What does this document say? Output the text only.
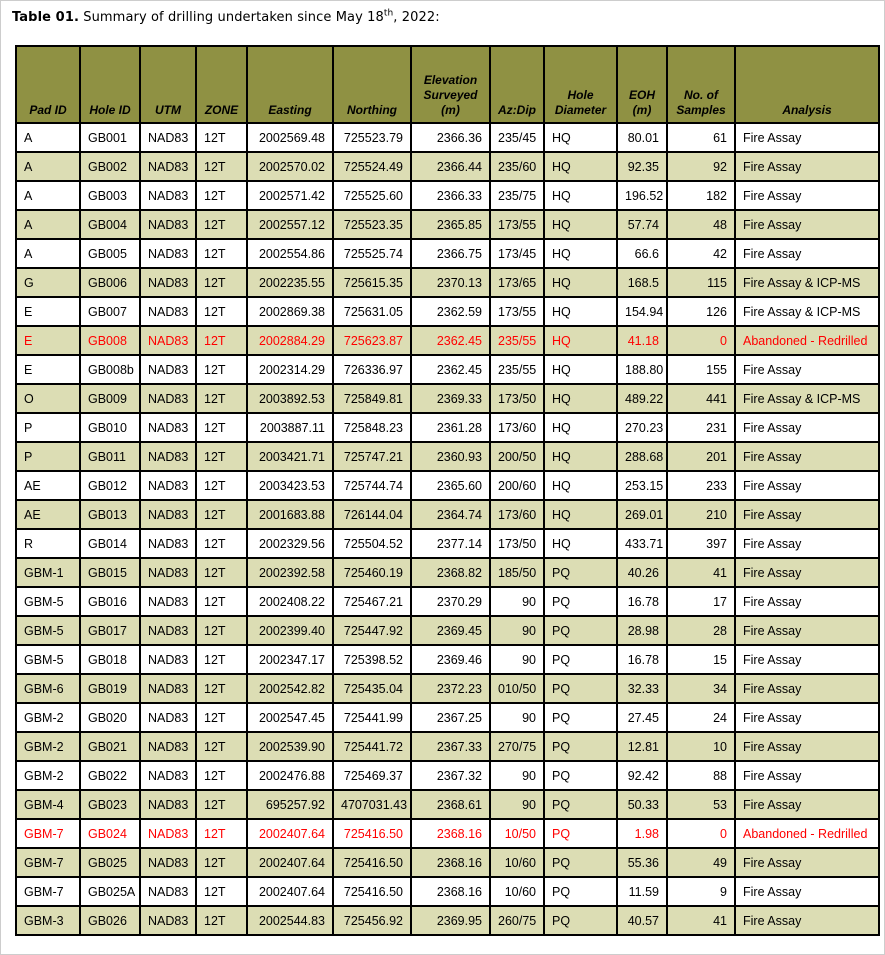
Table 01. Summary of drilling undertaken since May 18th, 2022:
Pad ID	Hole ID	UTM	ZONE	Easting	Northing	Elevation Surveyed (m)	Az:Dip	Hole Diameter	EOH (m)	No. of Samples	Analysis
A	GB001	NAD83	12T	2002569.48	725523.79	2366.36	235/45	HQ	80.01	61	Fire Assay
A	GB002	NAD83	12T	2002570.02	725524.49	2366.44	235/60	HQ	92.35	92	Fire Assay
A	GB003	NAD83	12T	2002571.42	725525.60	2366.33	235/75	HQ	196.52	182	Fire Assay
A	GB004	NAD83	12T	2002557.12	725523.35	2365.85	173/55	HQ	57.74	48	Fire Assay
A	GB005	NAD83	12T	2002554.86	725525.74	2366.75	173/45	HQ	66.6	42	Fire Assay
G	GB006	NAD83	12T	2002235.55	725615.35	2370.13	173/65	HQ	168.5	115	Fire Assay & ICP-MS
E	GB007	NAD83	12T	2002869.38	725631.05	2362.59	173/55	HQ	154.94	126	Fire Assay & ICP-MS
E	GB008	NAD83	12T	2002884.29	725623.87	2362.45	235/55	HQ	41.18	0	Abandoned - Redrilled
E	GB008b	NAD83	12T	2002314.29	726336.97	2362.45	235/55	HQ	188.80	155	Fire Assay
O	GB009	NAD83	12T	2003892.53	725849.81	2369.33	173/50	HQ	489.22	441	Fire Assay & ICP-MS
P	GB010	NAD83	12T	2003887.11	725848.23	2361.28	173/60	HQ	270.23	231	Fire Assay
P	GB011	NAD83	12T	2003421.71	725747.21	2360.93	200/50	HQ	288.68	201	Fire Assay
AE	GB012	NAD83	12T	2003423.53	725744.74	2365.60	200/60	HQ	253.15	233	Fire Assay
AE	GB013	NAD83	12T	2001683.88	726144.04	2364.74	173/60	HQ	269.01	210	Fire Assay
R	GB014	NAD83	12T	2002329.56	725504.52	2377.14	173/50	HQ	433.71	397	Fire Assay
GBM-1	GB015	NAD83	12T	2002392.58	725460.19	2368.82	185/50	PQ	40.26	41	Fire Assay
GBM-5	GB016	NAD83	12T	2002408.22	725467.21	2370.29	90	PQ	16.78	17	Fire Assay
GBM-5	GB017	NAD83	12T	2002399.40	725447.92	2369.45	90	PQ	28.98	28	Fire Assay
GBM-5	GB018	NAD83	12T	2002347.17	725398.52	2369.46	90	PQ	16.78	15	Fire Assay
GBM-6	GB019	NAD83	12T	2002542.82	725435.04	2372.23	010/50	PQ	32.33	34	Fire Assay
GBM-2	GB020	NAD83	12T	2002547.45	725441.99	2367.25	90	PQ	27.45	24	Fire Assay
GBM-2	GB021	NAD83	12T	2002539.90	725441.72	2367.33	270/75	PQ	12.81	10	Fire Assay
GBM-2	GB022	NAD83	12T	2002476.88	725469.37	2367.32	90	PQ	92.42	88	Fire Assay
GBM-4	GB023	NAD83	12T	695257.92	4707031.43	2368.61	90	PQ	50.33	53	Fire Assay
GBM-7	GB024	NAD83	12T	2002407.64	725416.50	2368.16	10/50	PQ	1.98	0	Abandoned - Redrilled
GBM-7	GB025	NAD83	12T	2002407.64	725416.50	2368.16	10/60	PQ	55.36	49	Fire Assay
GBM-7	GB025A	NAD83	12T	2002407.64	725416.50	2368.16	10/60	PQ	11.59	9	Fire Assay
GBM-3	GB026	NAD83	12T	2002544.83	725456.92	2369.95	260/75	PQ	40.57	41	Fire Assay
